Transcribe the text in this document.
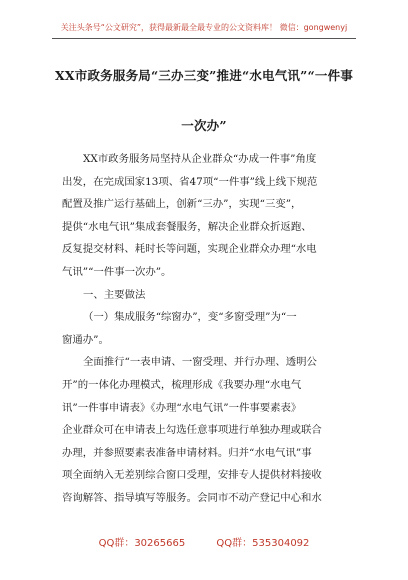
关注头条号“公文研究”，获得最新最全最专业的公文资料库！ 微信：gongwenyj
XX市政务服务局“三办三变”推进“水电气讯”“一件事
一次办”
XX市政务服务局坚持从企业群众“办成一件事”角度
出发，在完成国家13项、省47项“一件事”线上线下规范
配置及推广运行基础上，创新“三办”，实现“三变”，
提供“水电气讯”集成套餐服务，解决企业群众折返跑、
反复提交材料、耗时长等问题，实现企业群众办理“水电
气讯”“一件事一次办”。
一、主要做法
（一）集成服务“综窗办”，变“多窗受理”为“一
窗通办”。
全面推行“一表申请、一窗受理、并行办理、透明公
开”的一体化办理模式，梳理形成《我要办理“水电气
讯”一件事申请表》《办理“水电气讯”一件事要素表》
企业群众可在申请表上勾选任意事项进行单独办理或联合
办理，并参照要素表准备申请材料。归并“水电气讯”事
项全面纳入无差别综合窗口受理，安排专人提供材料接收
咨询解答、指导填写等服务。会同市不动产登记中心和水
QQ群：30265665	QQ群：535304092
